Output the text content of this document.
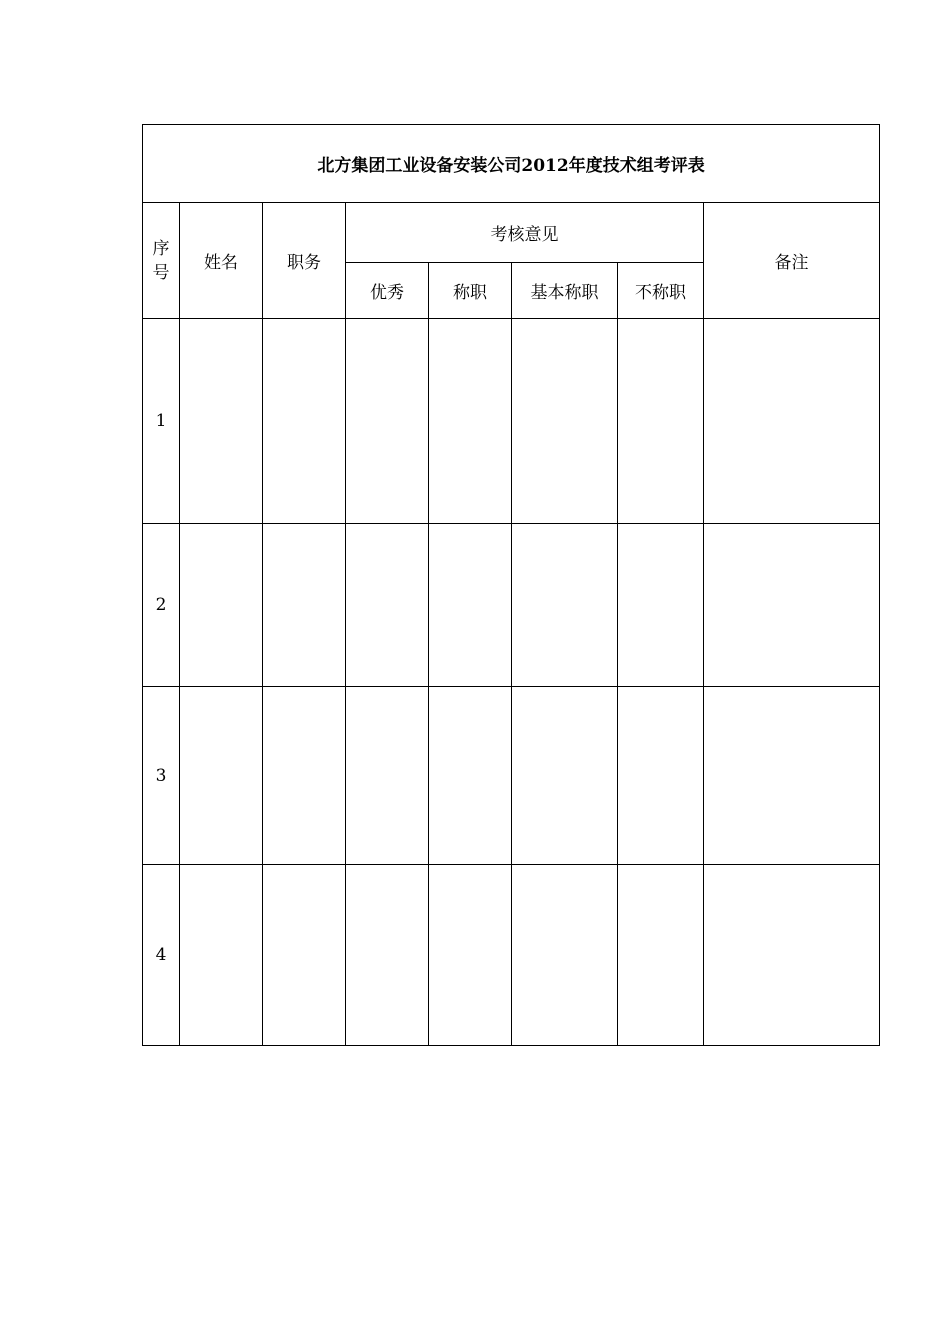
北方集团工业设备安装公司2012年度技术组考评表							
序
号	姓名	职务	考核意见				备注
			优秀	称职	基本称职	不称职	
1							
2							
3							
4							
